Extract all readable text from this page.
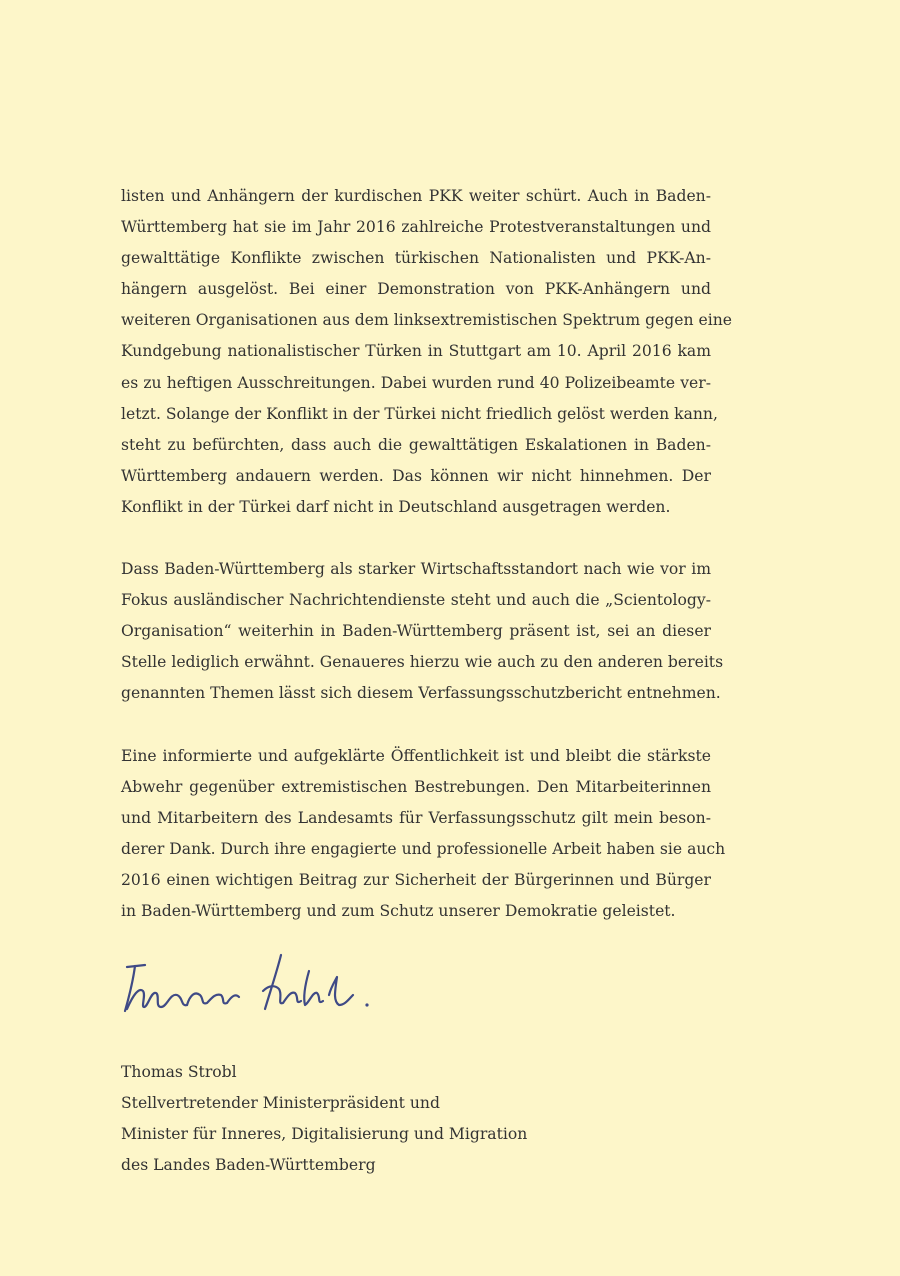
listen und Anhängern der kurdischen PKK weiter schürt. Auch in Baden-
Württemberg hat sie im Jahr 2016 zahlreiche Protestveranstaltungen und
gewalttätige Konflikte zwischen türkischen Nationalisten und PKK-An-
hängern ausgelöst. Bei einer Demonstration von PKK-Anhängern und
weiteren Organisationen aus dem linksextremistischen Spektrum gegen eine
Kundgebung nationalistischer Türken in Stuttgart am 10. April 2016 kam
es zu heftigen Ausschreitungen. Dabei wurden rund 40 Polizeibeamte ver-
letzt. Solange der Konflikt in der Türkei nicht friedlich gelöst werden kann,
steht zu befürchten, dass auch die gewalttätigen Eskalationen in Baden-
Württemberg andauern werden. Das können wir nicht hinnehmen. Der
Konflikt in der Türkei darf nicht in Deutschland ausgetragen werden.
Dass Baden-Württemberg als starker Wirtschaftsstandort nach wie vor im
Fokus ausländischer Nachrichtendienste steht und auch die „Scientology-
Organisation“ weiterhin in Baden-Württemberg präsent ist, sei an dieser
Stelle lediglich erwähnt. Genaueres hierzu wie auch zu den anderen bereits
genannten Themen lässt sich diesem Verfassungsschutzbericht entnehmen.
Eine informierte und aufgeklärte Öffentlichkeit ist und bleibt die stärkste
Abwehr gegenüber extremistischen Bestrebungen. Den Mitarbeiterinnen
und Mitarbeitern des Landesamts für Verfassungsschutz gilt mein beson-
derer Dank. Durch ihre engagierte und professionelle Arbeit haben sie auch
2016 einen wichtigen Beitrag zur Sicherheit der Bürgerinnen und Bürger
in Baden-Württemberg und zum Schutz unserer Demokratie geleistet.
Thomas Strobl
Stellvertretender Ministerpräsident und
Minister für Inneres, Digitalisierung und Migration
des Landes Baden-Württemberg
